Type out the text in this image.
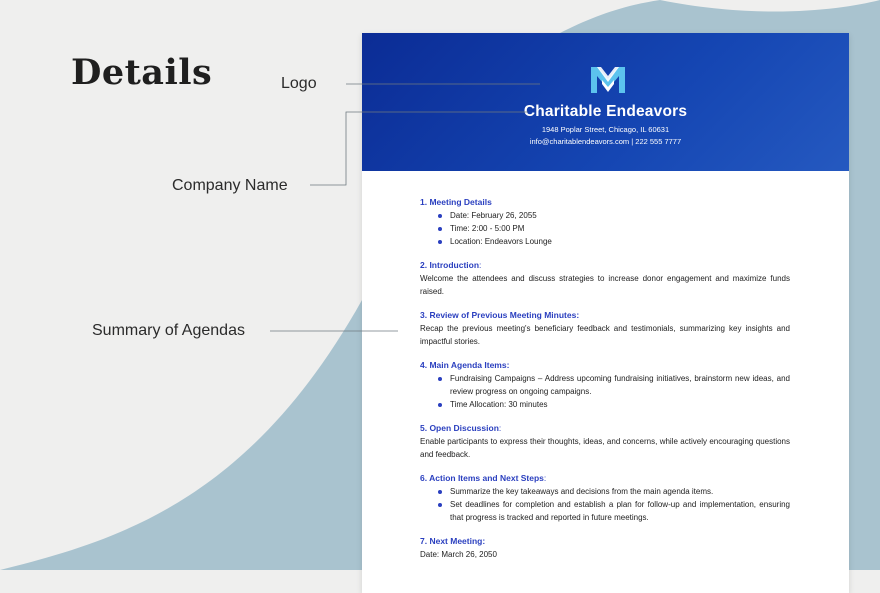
Details	Logo
Company Name
Summary of Agendas
Charitable Endeavors
1948 Poplar Street, Chicago, IL 60631
info@charitablendeavors.com | 222 555 7777
1. Meeting Details
Date: February 26, 2055
Time: 2:00 - 5:00 PM
Location: Endeavors Lounge
2. Introduction:

Welcome the attendees and discuss strategies to increase donor engagement and maximize funds raised.

3. Review of Previous Meeting Minutes:

Recap the previous meeting's beneficiary feedback and testimonials, summarizing key insights and impactful stories.

4. Main Agenda Items:
Fundraising Campaigns – Address upcoming fundraising initiatives, brainstorm new ideas, and review progress on ongoing campaigns.
Time Allocation: 30 minutes
5. Open Discussion:

Enable participants to express their thoughts, ideas, and concerns, while actively encouraging questions and feedback.

6. Action Items and Next Steps:
Summarize the key takeaways and decisions from the main agenda items.
Set deadlines for completion and establish a plan for follow-up and implementation, ensuring that progress is tracked and reported in future meetings.
7. Next Meeting:

Date: March 26, 2050
